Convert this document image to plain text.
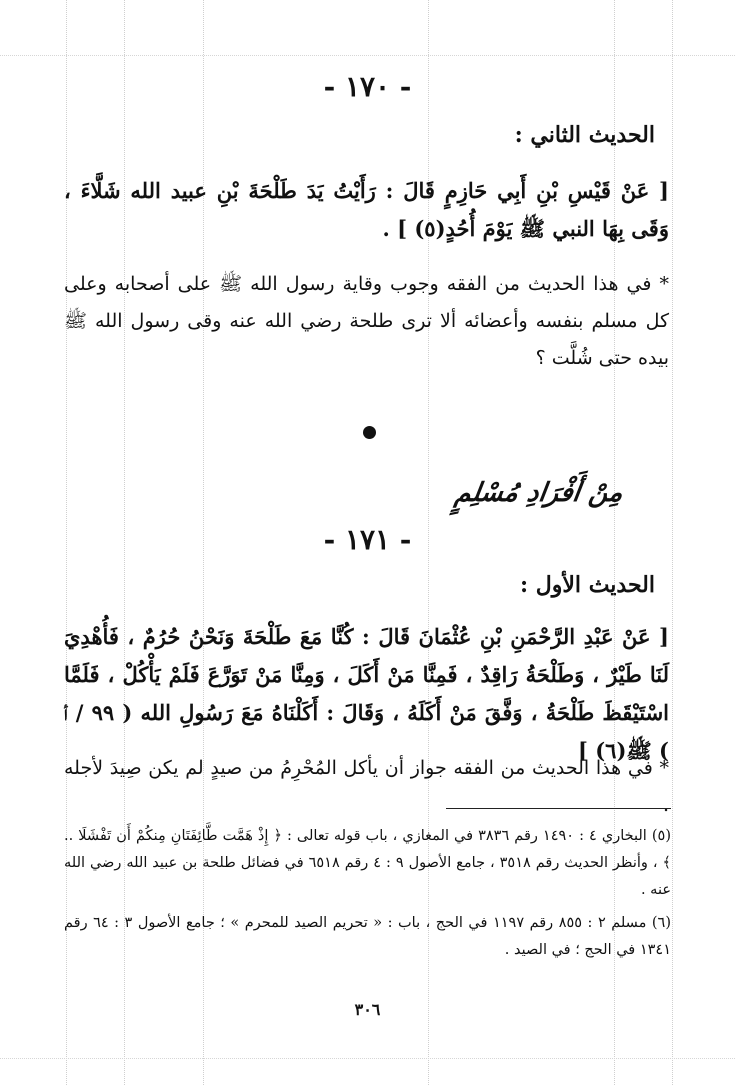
- ١٧٠ -
الحديث الثاني :
[ عَنْ قَيْسِ بْنِ أَبِي حَازِمٍ قَالَ : رَأَيْتُ يَدَ طَلْحَةَ بْنِ عبيد الله شَلَّاءَ ، وَقَى بِهَا النبي ﷺ يَوْمَ أُحُدٍ(٥) ] .
* في هذا الحديث من الفقه وجوب وقاية رسول الله ﷺ على أصحابه وعلى كل مسلم بنفسه وأعضائه ألا ترى طلحة رضي الله عنه وقى رسول الله ﷺ بيده حتى شُلَّت ؟
مِنْ أَفْرَادِ مُسْلِمٍ
- ١٧١ -
الحديث الأول :
[ عَنْ عَبْدِ الرَّحْمَنِ بْنِ عُثْمَانَ قَالَ : كُنَّا مَعَ طَلْحَةَ وَنَحْنُ حُرُمٌ ، فَأُهْدِيَ لَنَا طَيْرٌ ، وَطَلْحَةُ رَاقِدٌ ، فَمِنَّا مَنْ أَكَلَ ، وَمِنَّا مَنْ تَوَرَّعَ فَلَمْ يَأْكُلْ ، فَلَمَّا اسْتَيْقَظَ طَلْحَةُ ، وَفَّقَ مَنْ أَكَلَهُ ، وَقَالَ : أَكَلْنَاهُ مَعَ رَسُولِ الله ( ٩٩ / أ ) ﷺ(٦) ]
* في هذا الحديث من الفقه جواز أن يأكل المُحْرِمُ من صيدٍ لم يكن صِيدَ لأجله .
(٥) البخاري ٤ : ١٤٩٠ رقم ٣٨٣٦ في المغازي ، باب قوله تعالى : ﴿ إِذْ هَمَّت طَّائِفَتَانِ مِنكُمْ أَن تَفْشَلَا .. ﴾ ، وأنظر الحديث رقم ٣٥١٨ ، جامع الأصول ٩ : ٤ رقم ٦٥١٨ في فضائل طلحة بن عبيد الله رضي الله عنه .
(٦) مسلم ٢ : ٨٥٥ رقم ١١٩٧ في الحج ، باب : « تحريم الصيد للمحرم » ؛ جامع الأصول ٣ : ٦٤ رقم ١٣٤١ في الحج ؛ في الصيد .
٣٠٦
